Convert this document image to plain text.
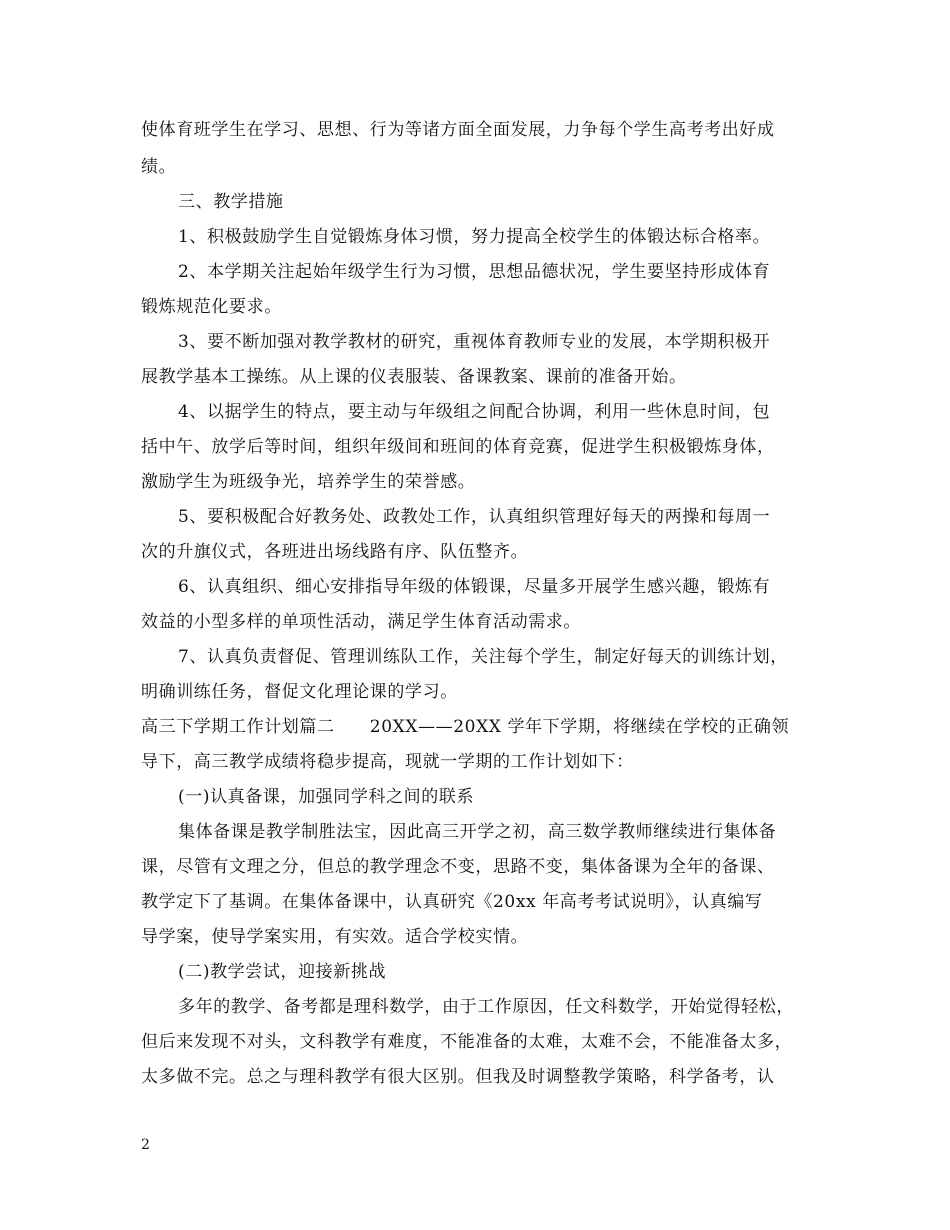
使体育班学生在学习、思想、行为等诸方面全面发展，力争每个学生高考考出好成
绩。
三、教学措施
1、积极鼓励学生自觉锻炼身体习惯，努力提高全校学生的体锻达标合格率。
2、本学期关注起始年级学生行为习惯，思想品德状况，学生要坚持形成体育
锻炼规范化要求。
3、要不断加强对教学教材的研究，重视体育教师专业的发展，本学期积极开
展教学基本工操练。从上课的仪表服装、备课教案、课前的准备开始。
4、以据学生的特点，要主动与年级组之间配合协调，利用一些休息时间，包
括中午、放学后等时间，组织年级间和班间的体育竞赛，促进学生积极锻炼身体，
激励学生为班级争光，培养学生的荣誉感。
5、要积极配合好教务处、政教处工作，认真组织管理好每天的两操和每周一
次的升旗仪式，各班进出场线路有序、队伍整齐。
6、认真组织、细心安排指导年级的体锻课，尽量多开展学生感兴趣，锻炼有
效益的小型多样的单项性活动，满足学生体育活动需求。
7、认真负责督促、管理训练队工作，关注每个学生，制定好每天的训练计划，
明确训练任务，督促文化理论课的学习。
高三下学期工作计划篇二　　20XX——20XX 学年下学期，将继续在学校的正确领
导下，高三教学成绩将稳步提高，现就一学期的工作计划如下：
(一)认真备课，加强同学科之间的联系
集体备课是教学制胜法宝，因此高三开学之初，高三数学教师继续进行集体备
课，尽管有文理之分，但总的教学理念不变，思路不变，集体备课为全年的备课、
教学定下了基调。在集体备课中，认真研究《20xx 年高考考试说明》，认真编写
导学案，使导学案实用，有实效。适合学校实情。
(二)教学尝试，迎接新挑战
多年的教学、备考都是理科数学，由于工作原因，任文科数学，开始觉得轻松，
但后来发现不对头，文科教学有难度，不能准备的太难，太难不会，不能准备太多，
太多做不完。总之与理科教学有很大区别。但我及时调整教学策略，科学备考，认
2
